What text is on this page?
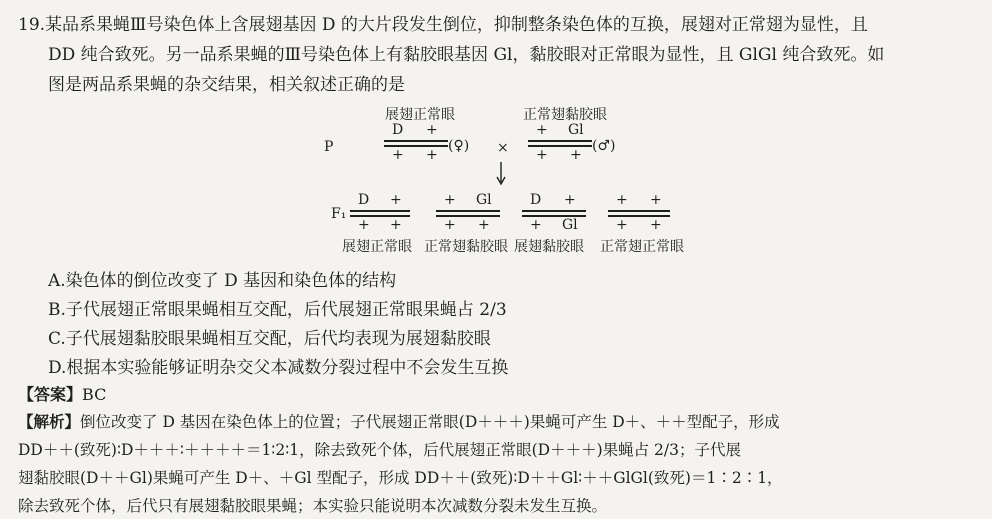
19.某品系果蝇Ⅲ号染色体上含展翅基因 D 的大片段发生倒位，抑制整条染色体的互换，展翅对正常翅为显性，且
DD 纯合致死。另一品系果蝇的Ⅲ号染色体上有黏胶眼基因 Gl，黏胶眼对正常眼为显性，且 GlGl 纯合致死。如
图是两品系果蝇的杂交结果，相关叙述正确的是
P
展翅正常眼
D +
+ +
(♀) ×
正常翅黏胶眼
+ Gl
+ +
(♂)
F₁
D +
+ +
展翅正常眼
+ Gl
+ +
正常翅黏胶眼
D +
+ Gl
展翅黏胶眼
+ +
+ +
正常翅正常眼
A.染色体的倒位改变了 D 基因和染色体的结构
B.子代展翅正常眼果蝇相互交配，后代展翅正常眼果蝇占 2/3
C.子代展翅黏胶眼果蝇相互交配，后代均表现为展翅黏胶眼
D.根据本实验能够证明杂交父本减数分裂过程中不会发生互换
【答案】BC
【解析】倒位改变了 D 基因在染色体上的位置；子代展翅正常眼(D＋＋＋)果蝇可产生 D＋、＋＋型配子，形成
DD＋＋(致死)∶D＋＋＋∶＋＋＋＋＝1∶2∶1，除去致死个体，后代展翅正常眼(D＋＋＋)果蝇占 2/3；子代展
翅黏胶眼(D＋＋Gl)果蝇可产生 D＋、＋Gl 型配子，形成 DD＋＋(致死)∶D＋＋Gl∶＋＋GlGl(致死)＝1∶2∶1，
除去致死个体，后代只有展翅黏胶眼果蝇；本实验只能说明本次减数分裂未发生互换。
